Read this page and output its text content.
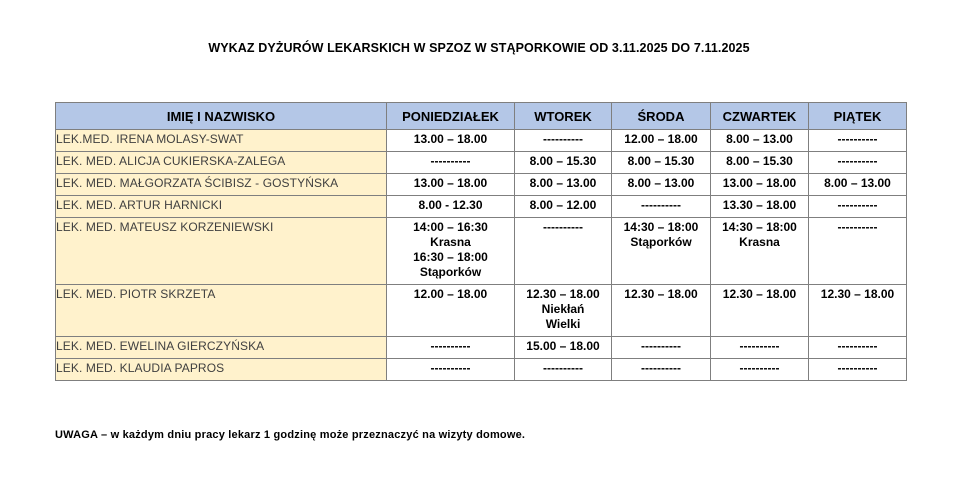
WYKAZ DYŻURÓW LEKARSKICH W SPZOZ W STĄPORKOWIE OD 3.11.2025 DO 7.11.2025
IMIĘ I NAZWISKO	PONIEDZIAŁEK	WTOREK	ŚRODA	CZWARTEK	PIĄTEK
LEK.MED. IRENA MOLASY-SWAT	13.00 – 18.00	----------	12.00 – 18.00	8.00 – 13.00	----------

LEK. MED. ALICJA CUKIERSKA-ZALEGA	----------	8.00 – 15.30	8.00 – 15.30	8.00 – 15.30	----------

LEK. MED. MAŁGORZATA ŚCIBISZ - GOSTYŃSKA	13.00 – 18.00	8.00 – 13.00	8.00 – 13.00	13.00 – 18.00	8.00 – 13.00

LEK. MED. ARTUR HARNICKI	8.00 - 12.30	8.00 – 12.00	----------	13.30 – 18.00	----------

LEK. MED. MATEUSZ KORZENIEWSKI	14:00 – 16:30
Krasna
16:30 – 18:00
Stąporków	----------	14:30 – 18:00
Stąporków	14:30 – 18:00
Krasna	----------

LEK. MED. PIOTR SKRZETA	12.00 – 18.00	12.30 – 18.00
Niekłań
Wielki	12.30 – 18.00	12.30 – 18.00	12.30 – 18.00

LEK. MED. EWELINA GIERCZYŃSKA	----------	15.00 – 18.00	----------	----------	----------

LEK. MED. KLAUDIA PAPROS	----------	----------	----------	----------	----------
UWAGA – w każdym dniu pracy lekarz 1 godzinę może przeznaczyć na wizyty domowe.
